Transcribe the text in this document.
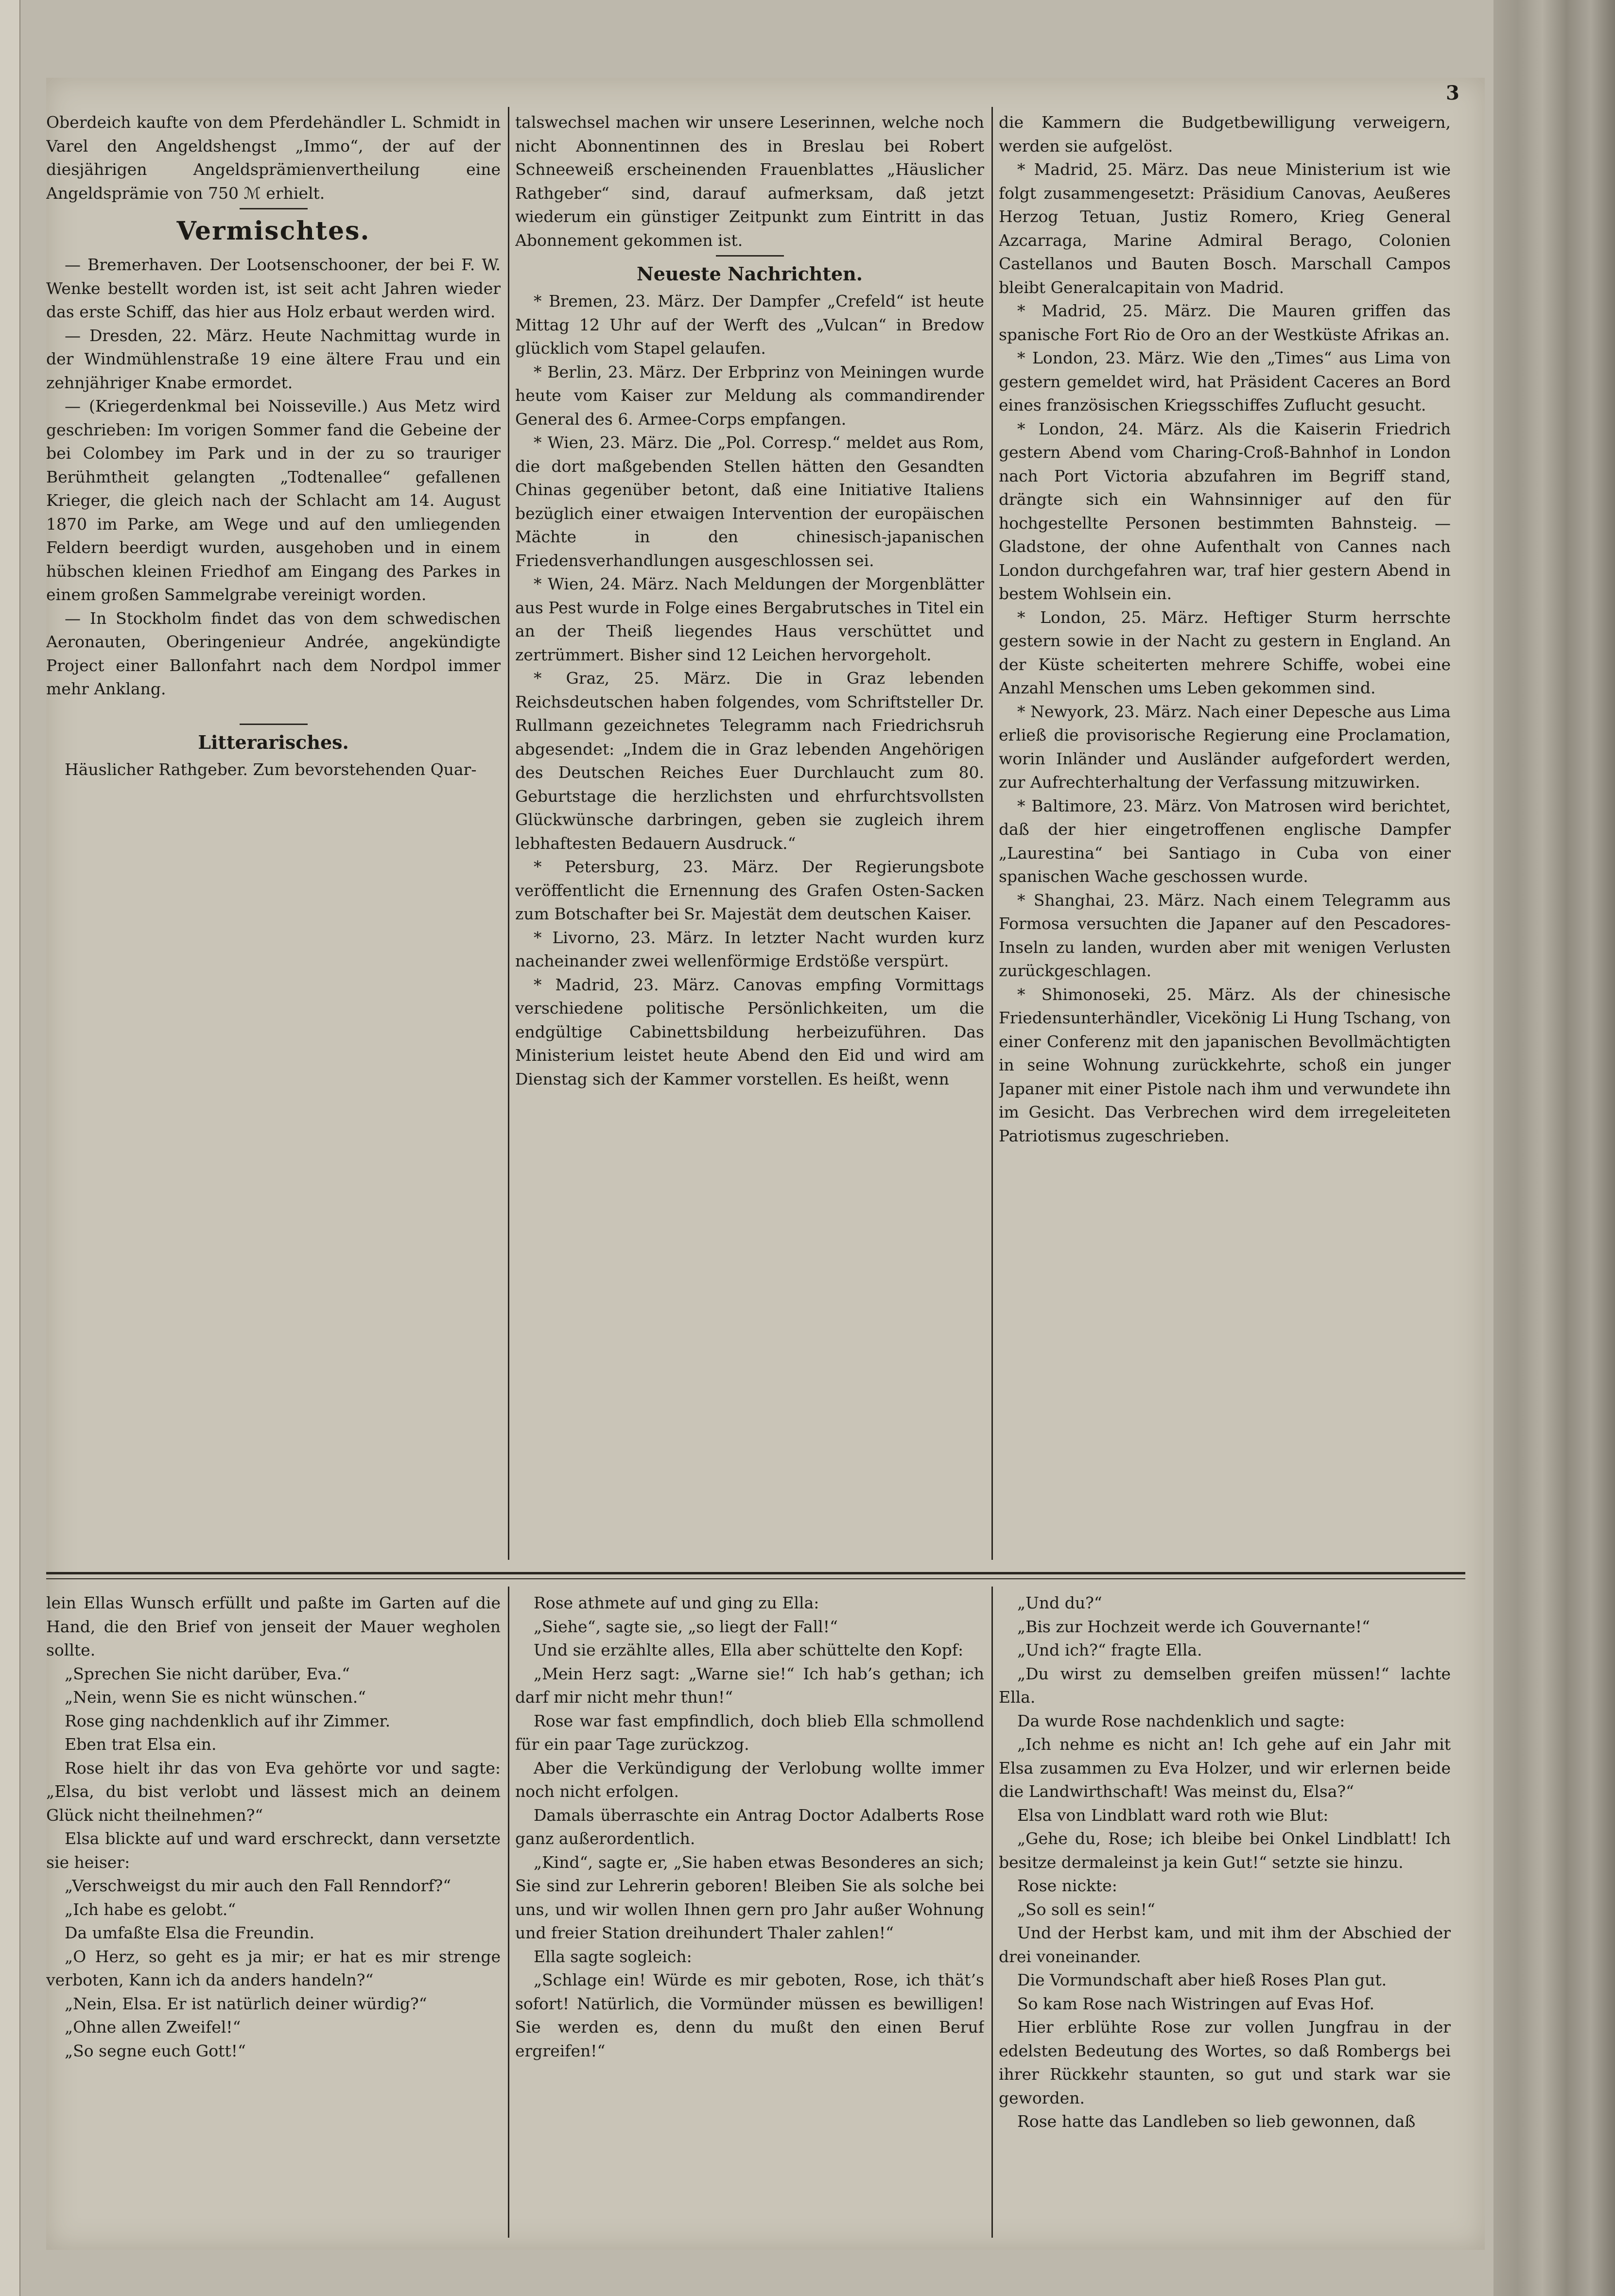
3

Oberdeich kaufte von dem Pferdehändler L. Schmidt in Varel den Angeldshengst „Immo“, der auf der diesjährigen Angeldsprämienvertheilung eine Angeldsprämie von 750 ℳ erhielt.

Vermischtes.

— Bremerhaven. Der Lootsenschooner, der bei F. W. Wenke bestellt worden ist, ist seit acht Jahren wieder das erste Schiff, das hier aus Holz erbaut werden wird.

— Dresden, 22. März. Heute Nachmittag wurde in der Windmühlenstraße 19 eine ältere Frau und ein zehnjähriger Knabe ermordet.

— (Kriegerdenkmal bei Noisseville.) Aus Metz wird geschrieben: Im vorigen Sommer fand die Gebeine der bei Colombey im Park und in der zu so trauriger Berühmtheit gelangten „Todtenallee“ gefallenen Krieger, die gleich nach der Schlacht am 14. August 1870 im Parke, am Wege und auf den umliegenden Feldern beerdigt wurden, ausgehoben und in einem hübschen kleinen Friedhof am Eingang des Parkes in einem großen Sammelgrabe vereinigt worden.

— In Stockholm findet das von dem schwedischen Aeronauten, Oberingenieur Andrée, angekündigte Project einer Ballonfahrt nach dem Nordpol immer mehr Anklang.

Litterarisches.

Häuslicher Rathgeber. Zum bevorstehenden Quar-

talswechsel machen wir unsere Leserinnen, welche noch nicht Abonnentinnen des in Breslau bei Robert Schneeweiß erscheinenden Frauenblattes „Häuslicher Rathgeber“ sind, darauf aufmerksam, daß jetzt wiederum ein günstiger Zeitpunkt zum Eintritt in das Abonnement gekommen ist.

Neueste Nachrichten.

* Bremen, 23. März. Der Dampfer „Crefeld“ ist heute Mittag 12 Uhr auf der Werft des „Vulcan“ in Bredow glücklich vom Stapel gelaufen.

* Berlin, 23. März. Der Erbprinz von Meiningen wurde heute vom Kaiser zur Meldung als commandirender General des 6. Armee-Corps empfangen.

* Wien, 23. März. Die „Pol. Corresp.“ meldet aus Rom, die dort maßgebenden Stellen hätten den Gesandten Chinas gegenüber betont, daß eine Initiative Italiens bezüglich einer etwaigen Intervention der europäischen Mächte in den chinesisch-japanischen Friedensverhandlungen ausgeschlossen sei.

* Wien, 24. März. Nach Meldungen der Morgenblätter aus Pest wurde in Folge eines Bergabrutsches in Titel ein an der Theiß liegendes Haus verschüttet und zertrümmert. Bisher sind 12 Leichen hervorgeholt.

* Graz, 25. März. Die in Graz lebenden Reichsdeutschen haben folgendes, vom Schriftsteller Dr. Rullmann gezeichnetes Telegramm nach Friedrichsruh abgesendet: „Indem die in Graz lebenden Angehörigen des Deutschen Reiches Euer Durchlaucht zum 80. Geburtstage die herzlichsten und ehrfurchtsvollsten Glückwünsche darbringen, geben sie zugleich ihrem lebhaftesten Bedauern Ausdruck.“

* Petersburg, 23. März. Der Regierungsbote veröffentlicht die Ernennung des Grafen Osten-Sacken zum Botschafter bei Sr. Majestät dem deutschen Kaiser.

* Livorno, 23. März. In letzter Nacht wurden kurz nacheinander zwei wellenförmige Erdstöße verspürt.

* Madrid, 23. März. Canovas empfing Vormittags verschiedene politische Persönlichkeiten, um die endgültige Cabinettsbildung herbeizuführen. Das Ministerium leistet heute Abend den Eid und wird am Dienstag sich der Kammer vorstellen. Es heißt, wenn

die Kammern die Budgetbewilligung verweigern, werden sie aufgelöst.

* Madrid, 25. März. Das neue Ministerium ist wie folgt zusammengesetzt: Präsidium Canovas, Aeußeres Herzog Tetuan, Justiz Romero, Krieg General Azcarraga, Marine Admiral Berago, Colonien Castellanos und Bauten Bosch. Marschall Campos bleibt Generalcapitain von Madrid.

* Madrid, 25. März. Die Mauren griffen das spanische Fort Rio de Oro an der Westküste Afrikas an.

* London, 23. März. Wie den „Times“ aus Lima von gestern gemeldet wird, hat Präsident Caceres an Bord eines französischen Kriegsschiffes Zuflucht gesucht.

* London, 24. März. Als die Kaiserin Friedrich gestern Abend vom Charing-Croß-Bahnhof in London nach Port Victoria abzufahren im Begriff stand, drängte sich ein Wahnsinniger auf den für hochgestellte Personen bestimmten Bahnsteig. — Gladstone, der ohne Aufenthalt von Cannes nach London durchgefahren war, traf hier gestern Abend in bestem Wohlsein ein.

* London, 25. März. Heftiger Sturm herrschte gestern sowie in der Nacht zu gestern in England. An der Küste scheiterten mehrere Schiffe, wobei eine Anzahl Menschen ums Leben gekommen sind.

* Newyork, 23. März. Nach einer Depesche aus Lima erließ die provisorische Regierung eine Proclamation, worin Inländer und Ausländer aufgefordert werden, zur Aufrechterhaltung der Verfassung mitzuwirken.

* Baltimore, 23. März. Von Matrosen wird berichtet, daß der hier eingetroffenen englische Dampfer „Laurestina“ bei Santiago in Cuba von einer spanischen Wache geschossen wurde.

* Shanghai, 23. März. Nach einem Telegramm aus Formosa versuchten die Japaner auf den Pescadores-Inseln zu landen, wurden aber mit wenigen Verlusten zurückgeschlagen.

* Shimonoseki, 25. März. Als der chinesische Friedensunterhändler, Vicekönig Li Hung Tschang, von einer Conferenz mit den japanischen Bevollmächtigten in seine Wohnung zurückkehrte, schoß ein junger Japaner mit einer Pistole nach ihm und verwundete ihn im Gesicht. Das Verbrechen wird dem irregeleiteten Patriotismus zugeschrieben.

lein Ellas Wunsch erfüllt und paßte im Garten auf die Hand, die den Brief von jenseit der Mauer wegholen sollte.

„Sprechen Sie nicht darüber, Eva.“

„Nein, wenn Sie es nicht wünschen.“

Rose ging nachdenklich auf ihr Zimmer.

Eben trat Elsa ein.

Rose hielt ihr das von Eva gehörte vor und sagte: „Elsa, du bist verlobt und lässest mich an deinem Glück nicht theilnehmen?“

Elsa blickte auf und ward erschreckt, dann versetzte sie heiser:

„Verschweigst du mir auch den Fall Renndorf?“

„Ich habe es gelobt.“

Da umfaßte Elsa die Freundin.

„O Herz, so geht es ja mir; er hat es mir strenge verboten, Kann ich da anders handeln?“

„Nein, Elsa. Er ist natürlich deiner würdig?“

„Ohne allen Zweifel!“

„So segne euch Gott!“

Rose athmete auf und ging zu Ella:

„Siehe“, sagte sie, „so liegt der Fall!“

Und sie erzählte alles, Ella aber schüttelte den Kopf:

„Mein Herz sagt: „Warne sie!“ Ich hab’s gethan; ich darf mir nicht mehr thun!“

Rose war fast empfindlich, doch blieb Ella schmollend für ein paar Tage zurückzog.

Aber die Verkündigung der Verlobung wollte immer noch nicht erfolgen.

Damals überraschte ein Antrag Doctor Adalberts Rose ganz außerordentlich.

„Kind“, sagte er, „Sie haben etwas Besonderes an sich; Sie sind zur Lehrerin geboren! Bleiben Sie als solche bei uns, und wir wollen Ihnen gern pro Jahr außer Wohnung und freier Station dreihundert Thaler zahlen!“

Ella sagte sogleich:

„Schlage ein! Würde es mir geboten, Rose, ich thät’s sofort! Natürlich, die Vormünder müssen es bewilligen! Sie werden es, denn du mußt den einen Beruf ergreifen!“

„Und du?“

„Bis zur Hochzeit werde ich Gouvernante!“

„Und ich?“ fragte Ella.

„Du wirst zu demselben greifen müssen!“ lachte Ella.

Da wurde Rose nachdenklich und sagte:

„Ich nehme es nicht an! Ich gehe auf ein Jahr mit Elsa zusammen zu Eva Holzer, und wir erlernen beide die Landwirthschaft! Was meinst du, Elsa?“

Elsa von Lindblatt ward roth wie Blut:

„Gehe du, Rose; ich bleibe bei Onkel Lindblatt! Ich besitze dermaleinst ja kein Gut!“ setzte sie hinzu.

Rose nickte:

„So soll es sein!“

Und der Herbst kam, und mit ihm der Abschied der drei voneinander.

Die Vormundschaft aber hieß Roses Plan gut.

So kam Rose nach Wistringen auf Evas Hof.

Hier erblühte Rose zur vollen Jungfrau in der edelsten Bedeutung des Wortes, so daß Rombergs bei ihrer Rückkehr staunten, so gut und stark war sie geworden.

Rose hatte das Landleben so lieb gewonnen, daß
